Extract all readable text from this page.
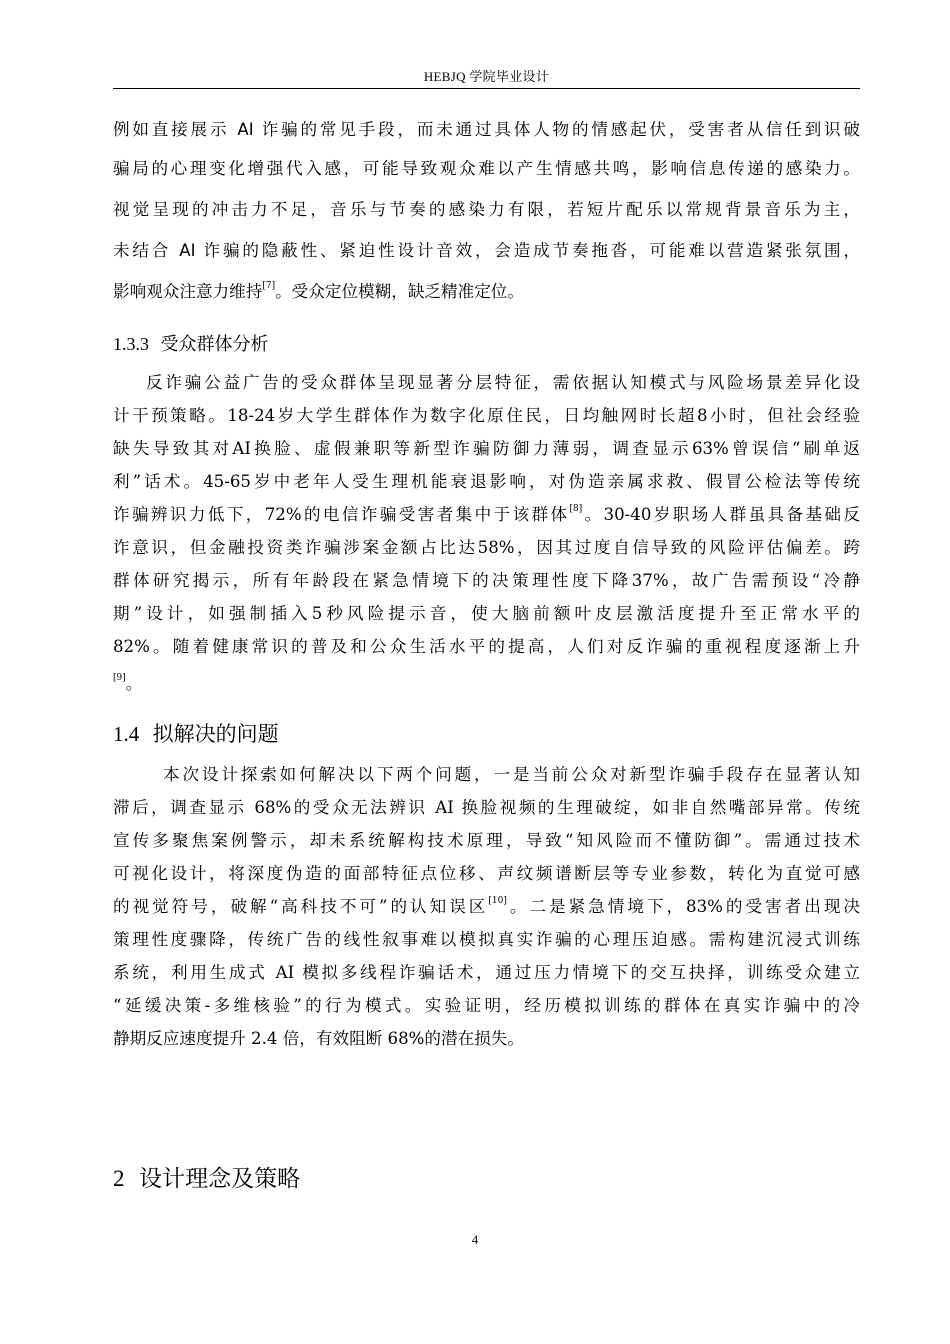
HEBJQ 学院毕业设计
例如直接展示 AI 诈骗的常见手段，而未通过具体人物的情感起伏，受害者从信任到识破
骗局的心理变化增强代入感，可能导致观众难以产生情感共鸣，影响信息传递的感染力。
视觉呈现的冲击力不足，音乐与节奏的感染力有限，若短片配乐以常规背景音乐为主，
未结合 AI 诈骗的隐蔽性、紧迫性设计音效，会造成节奏拖沓，可能难以营造紧张氛围，
影响观众注意力维持[7]。受众定位模糊，缺乏精准定位。
1.3.3 受众群体分析
反诈骗公益广告的受众群体呈现显著分层特征，需依据认知模式与风险场景差异化设
计干预策略。18-24岁大学生群体作为数字化原住民，日均触网时长超8小时，但社会经验
缺失导致其对AI换脸、虚假兼职等新型诈骗防御力薄弱，调查显示63%曾误信“刷单返
利”话术。45-65岁中老年人受生理机能衰退影响，对伪造亲属求救、假冒公检法等传统
诈骗辨识力低下，72%的电信诈骗受害者集中于该群体[8]。30-40岁职场人群虽具备基础反
诈意识，但金融投资类诈骗涉案金额占比达58%，因其过度自信导致的风险评估偏差。跨
群体研究揭示，所有年龄段在紧急情境下的决策理性度下降37%，故广告需预设“冷静
期”设计，如强制插入5秒风险提示音，使大脑前额叶皮层激活度提升至正常水平的
82%。随着健康常识的普及和公众生活水平的提高，人们对反诈骗的重视程度逐渐上升
[9]。
1.4 拟解决的问题
本次设计探索如何解决以下两个问题，一是当前公众对新型诈骗手段存在显著认知
滞后，调查显示 68%的受众无法辨识 AI 换脸视频的生理破绽，如非自然嘴部异常。传统
宣传多聚焦案例警示，却未系统解构技术原理，导致“知风险而不懂防御”。需通过技术
可视化设计，将深度伪造的面部特征点位移、声纹频谱断层等专业参数，转化为直觉可感
的视觉符号，破解“高科技不可”的认知误区[10]。二是紧急情境下，83%的受害者出现决
策理性度骤降，传统广告的线性叙事难以模拟真实诈骗的心理压迫感。需构建沉浸式训练
系统，利用生成式 AI 模拟多线程诈骗话术，通过压力情境下的交互抉择，训练受众建立
“延缓决策-多维核验”的行为模式。实验证明，经历模拟训练的群体在真实诈骗中的冷
静期反应速度提升 2.4 倍，有效阻断 68%的潜在损失。
2 设计理念及策略
4
